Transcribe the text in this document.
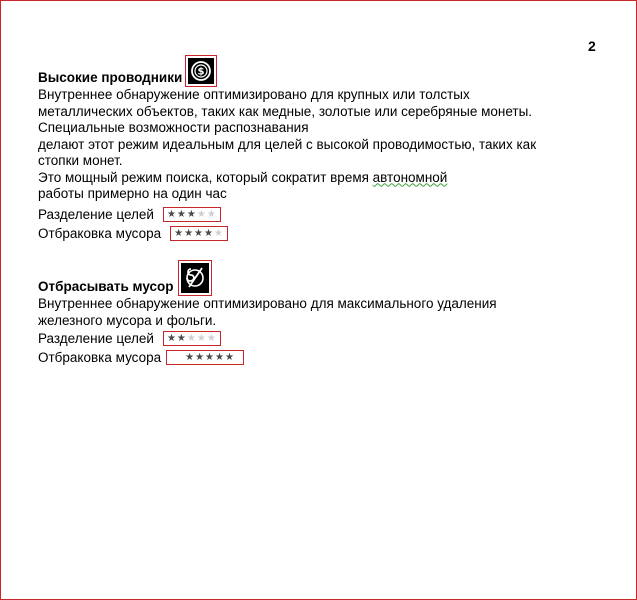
2
Высокие проводники $
Внутреннее обнаружение оптимизировано для крупных или толстых
металлических объектов, таких как медные, золотые или серебряные монеты.
Специальные возможности распознавания
делают этот режим идеальным для целей с высокой проводимостью, таких как
стопки монет.
Это мощный режим поиска, который сократит время автономной
работы примерно на один час
Разделение целей ★ ★ ★ ★ ★
Отбраковка мусора ★ ★ ★ ★ ★
Отбрасывать мусор
Внутреннее обнаружение оптимизировано для максимального удаления
железного мусора и фольги.
Разделение целей ★ ★ ★ ★ ★
Отбраковка мусора ★ ★ ★ ★ ★
